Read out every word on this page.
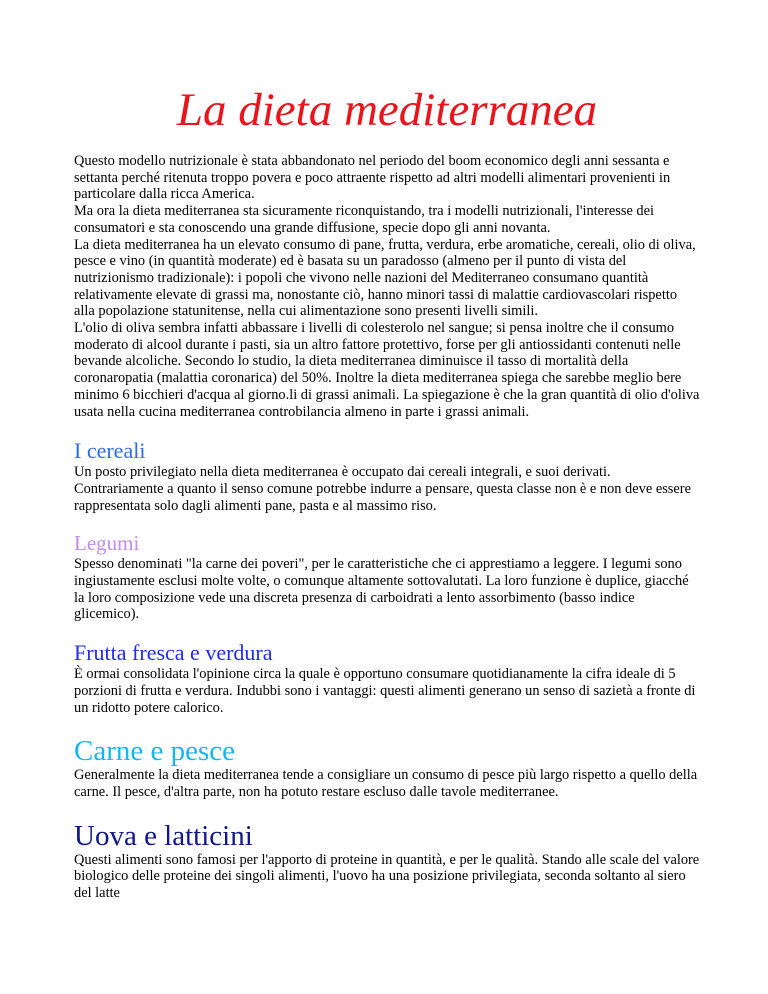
La dieta mediterranea

Questo modello nutrizionale è stata abbandonato nel periodo del boom economico degli anni sessanta e settanta perché ritenuta troppo povera e poco attraente rispetto ad altri modelli alimentari provenienti in particolare dalla ricca America.

Ma ora la dieta mediterranea sta sicuramente riconquistando, tra i modelli nutrizionali, l'interesse dei consumatori e sta conoscendo una grande diffusione, specie dopo gli anni novanta.

La dieta mediterranea ha un elevato consumo di pane, frutta, verdura, erbe aromatiche, cereali, olio di oliva, pesce e vino (in quantità moderate) ed è basata su un paradosso (almeno per il punto di vista del nutrizionismo tradizionale): i popoli che vivono nelle nazioni del Mediterraneo consumano quantità relativamente elevate di grassi ma, nonostante ciò, hanno minori tassi di malattie cardiovascolari rispetto alla popolazione statunitense, nella cui alimentazione sono presenti livelli simili.

L'olio di oliva sembra infatti abbassare i livelli di colesterolo nel sangue; si pensa inoltre che il consumo moderato di alcool durante i pasti, sia un altro fattore protettivo, forse per gli antiossidanti contenuti nelle bevande alcoliche. Secondo lo studio, la dieta mediterranea diminuisce il tasso di mortalità della coronaropatia (malattia coronarica) del 50%. Inoltre la dieta mediterranea spiega che sarebbe meglio bere minimo 6 bicchieri d'acqua al giorno.li di grassi animali. La spiegazione è che la gran quantità di olio d'oliva usata nella cucina mediterranea controbilancia almeno in parte i grassi animali.

I cereali

Un posto privilegiato nella dieta mediterranea è occupato dai cereali integrali, e suoi derivati. Contrariamente a quanto il senso comune potrebbe indurre a pensare, questa classe non è e non deve essere rappresentata solo dagli alimenti pane, pasta e al massimo riso.

Legumi

Spesso denominati "la carne dei poveri", per le caratteristiche che ci apprestiamo a leggere. I legumi sono ingiustamente esclusi molte volte, o comunque altamente sottovalutati. La loro funzione è duplice, giacché la loro composizione vede una discreta presenza di carboidrati a lento assorbimento (basso indice glicemico).

Frutta fresca e verdura

È ormai consolidata l'opinione circa la quale è opportuno consumare quotidianamente la cifra ideale di 5 porzioni di frutta e verdura. Indubbi sono i vantaggi: questi alimenti generano un senso di sazietà a fronte di un ridotto potere calorico.

Carne e pesce

Generalmente la dieta mediterranea tende a consigliare un consumo di pesce più largo rispetto a quello della carne. Il pesce, d'altra parte, non ha potuto restare escluso dalle tavole mediterranee.

Uova e latticini

Questi alimenti sono famosi per l'apporto di proteine in quantità, e per le qualità. Stando alle scale del valore biologico delle proteine dei singoli alimenti, l'uovo ha una posizione privilegiata, seconda soltanto al siero del latte
